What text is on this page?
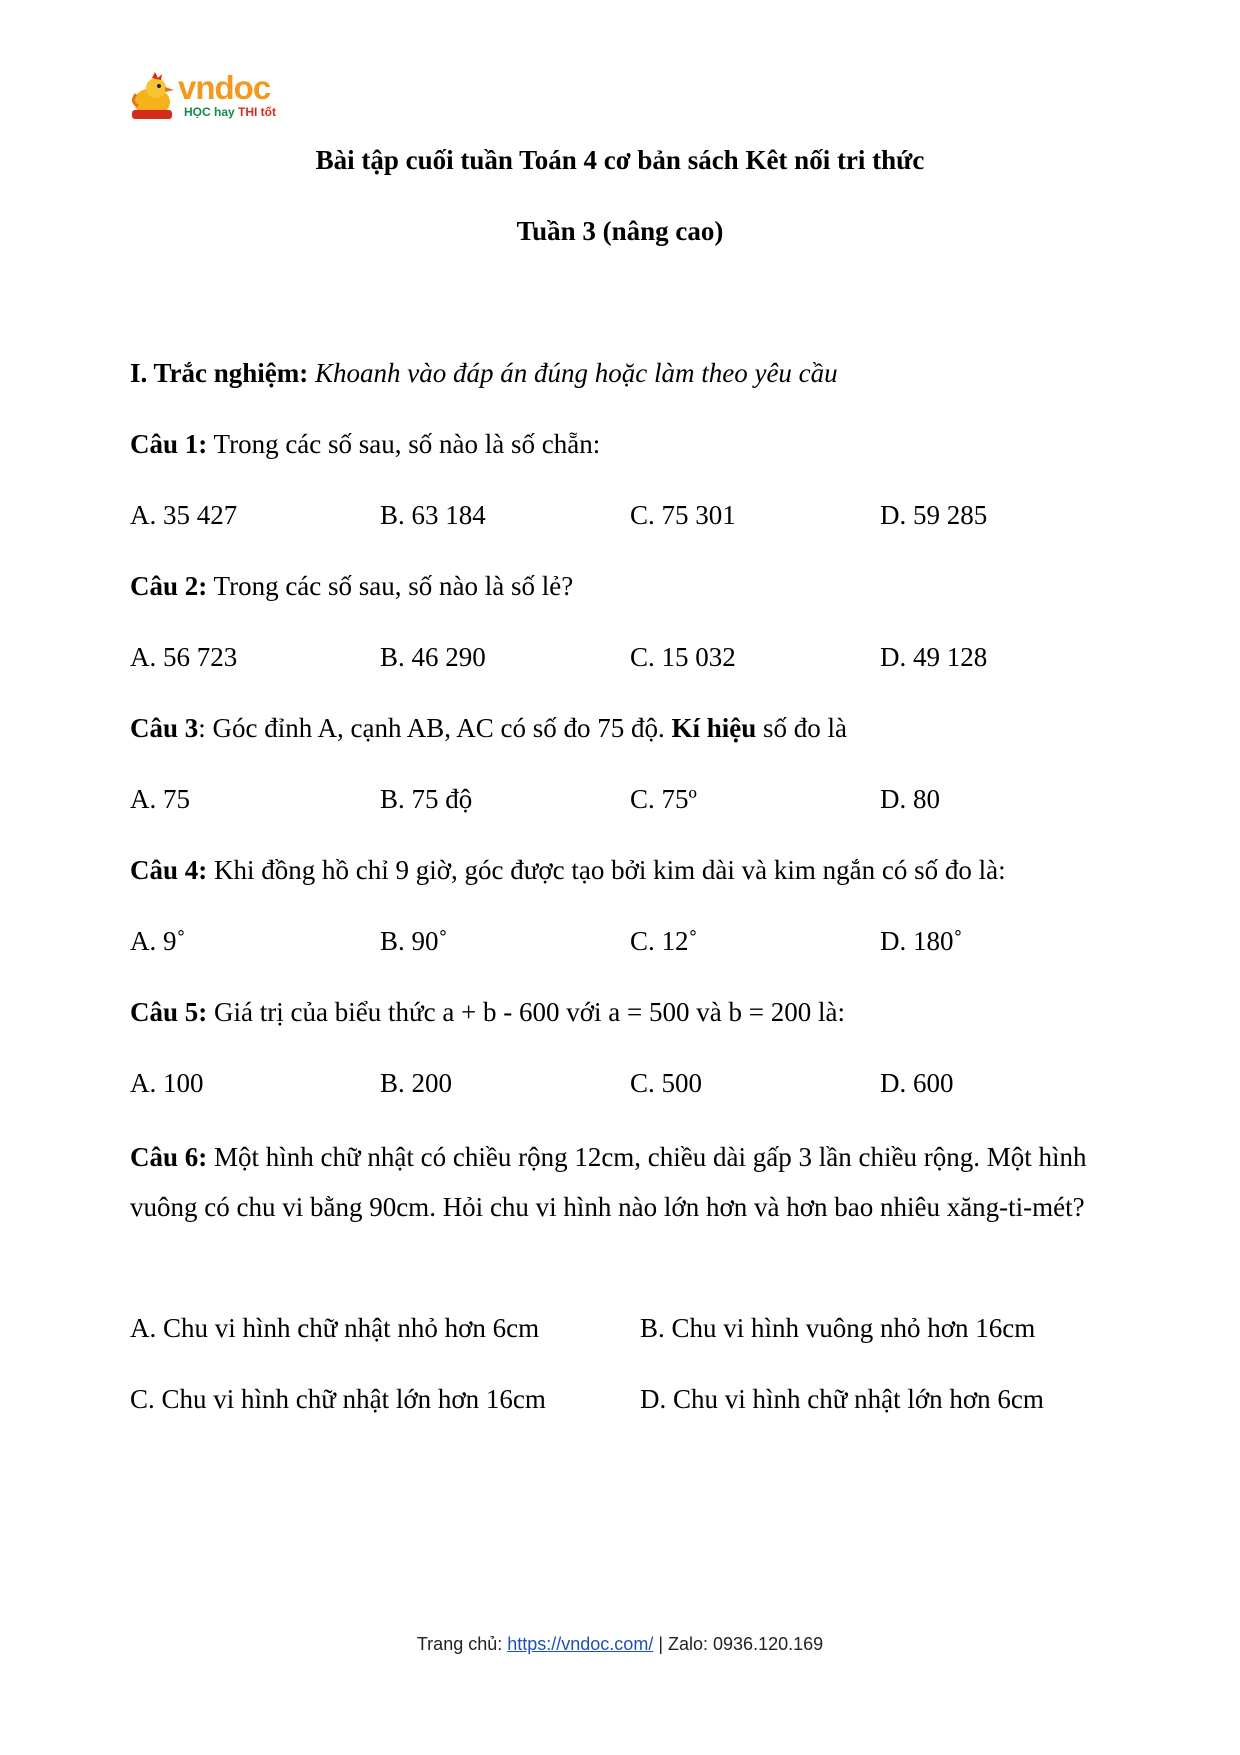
vndoc
HỌC hay THI tốt
Bài tập cuối tuần Toán 4 cơ bản sách Kêt nối tri thức
Tuần 3 (nâng cao)
I. Trắc nghiệm: Khoanh vào đáp án đúng hoặc làm theo yêu cầu
Câu 1: Trong các số sau, số nào là số chẵn:
A. 35 427	B. 63 184	C. 75 301	D. 59 285
Câu 2: Trong các số sau, số nào là số lẻ?
A. 56 723	B. 46 290	C. 15 032	D. 49 128
Câu 3: Góc đỉnh A, cạnh AB, AC có số đo 75 độ. Kí hiệu số đo là
A. 75	B. 75 độ	C. 75º	D. 80
Câu 4: Khi đồng hồ chỉ 9 giờ, góc được tạo bởi kim dài và kim ngắn có số đo là:
A. 9˚	B. 90˚	C. 12˚	D. 180˚
Câu 5: Giá trị của biểu thức a + b - 600 với a = 500 và b = 200 là:
A. 100	B. 200	C. 500	D. 600
Câu 6: Một hình chữ nhật có chiều rộng 12cm, chiều dài gấp 3 lần chiều rộng. Một hình vuông có chu vi bằng 90cm. Hỏi chu vi hình nào lớn hơn và hơn bao nhiêu xăng-ti-mét?
A. Chu vi hình chữ nhật nhỏ hơn 6cm	B. Chu vi hình vuông nhỏ hơn 16cm
C. Chu vi hình chữ nhật lớn hơn 16cm	D. Chu vi hình chữ nhật lớn hơn 6cm
Trang chủ: https://vndoc.com/ | Zalo: 0936.120.169
